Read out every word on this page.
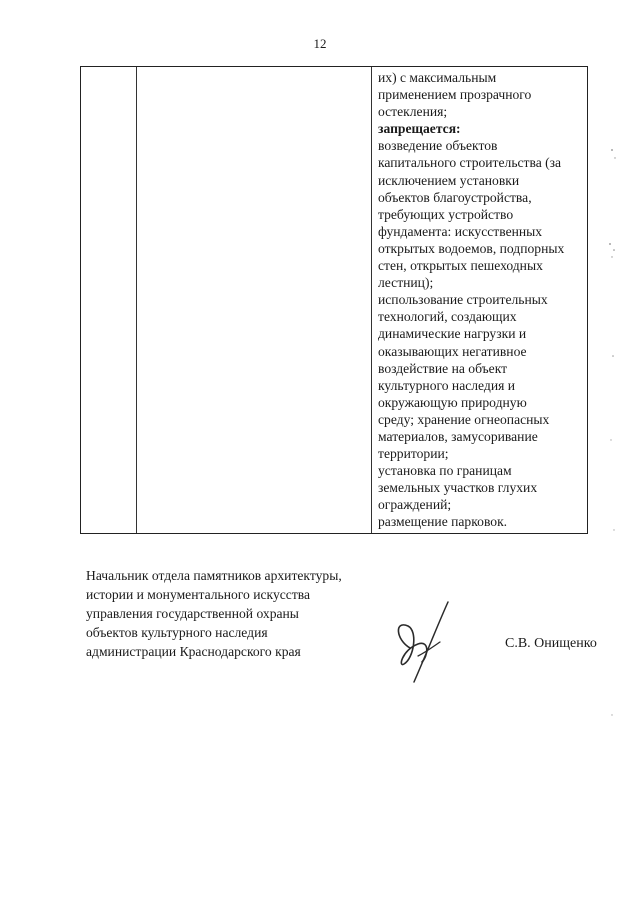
12

их) с максимальным

применением прозрачного

остекления;

запрещается:

возведение объектов

капитального строительства (за

исключением установки

объектов благоустройства,

требующих устройство

фундамента: искусственных

открытых водоемов, подпорных

стен, открытых пешеходных

лестниц);

использование строительных

технологий, создающих

динамические нагрузки и

оказывающих негативное

воздействие на объект

культурного наследия и

окружающую природную

среду; хранение огнеопасных

материалов, замусоривание

территории;

установка по границам

земельных участков глухих

ограждений;

размещение парковок.

Начальник отдела памятников архитектуры,
истории и монументального искусства
управления государственной охраны
объектов культурного наследия
администрации Краснодарского края
С.В. Онищенко
